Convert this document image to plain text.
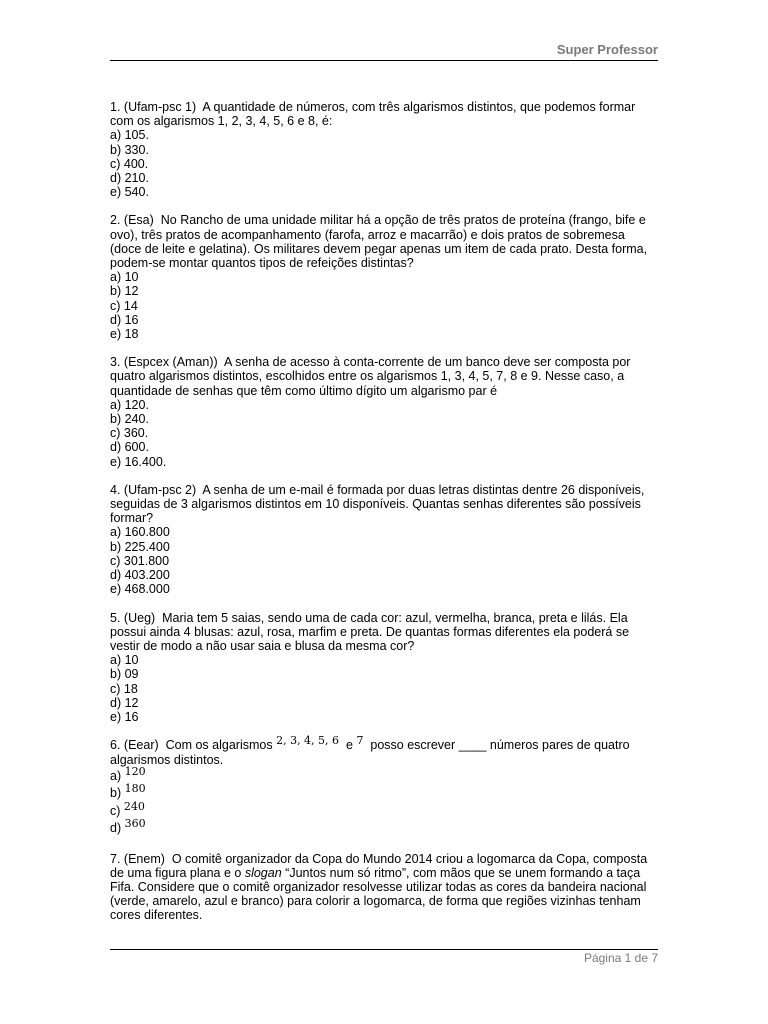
Super Professor
1. (Ufam-psc 1) A quantidade de números, com três algarismos distintos, que podemos formar com os algarismos 1, 2, 3, 4, 5, 6 e 8, é:
a) 105.
b) 330.
c) 400.
d) 210.
e) 540.
2. (Esa) No Rancho de uma unidade militar há a opção de três pratos de proteína (frango, bife e ovo), três pratos de acompanhamento (farofa, arroz e macarrão) e dois pratos de sobremesa (doce de leite e gelatina). Os militares devem pegar apenas um item de cada prato. Desta forma, podem-se montar quantos tipos de refeições distintas?
a) 10
b) 12
c) 14
d) 16
e) 18
3. (Espcex (Aman)) A senha de acesso à conta-corrente de um banco deve ser composta por quatro algarismos distintos, escolhidos entre os algarismos 1, 3, 4, 5, 7, 8 e 9. Nesse caso, a quantidade de senhas que têm como último dígito um algarismo par é
a) 120.
b) 240.
c) 360.
d) 600.
e) 16.400.
4. (Ufam-psc 2) A senha de um e-mail é formada por duas letras distintas dentre 26 disponíveis, seguidas de 3 algarismos distintos em 10 disponíveis. Quantas senhas diferentes são possíveis formar?
a) 160.800
b) 225.400
c) 301.800
d) 403.200
e) 468.000
5. (Ueg) Maria tem 5 saias, sendo uma de cada cor: azul, vermelha, branca, preta e lilás. Ela possui ainda 4 blusas: azul, rosa, marfim e preta. De quantas formas diferentes ela poderá se vestir de modo a não usar saia e blusa da mesma cor?
a) 10
b) 09
c) 18
d) 12
e) 16
6. (Eear) Com os algarismos 2, 3, 4, 5, 6 e 7 posso escrever ____ números pares de quatro algarismos distintos.
a) 120
b) 180
c) 240
d) 360
7. (Enem) O comitê organizador da Copa do Mundo 2014 criou a logomarca da Copa, composta de uma figura plana e o slogan “Juntos num só ritmo”, com mãos que se unem formando a taça Fifa. Considere que o comitê organizador resolvesse utilizar todas as cores da bandeira nacional (verde, amarelo, azul e branco) para colorir a logomarca, de forma que regiões vizinhas tenham cores diferentes.
Página 1 de 7
